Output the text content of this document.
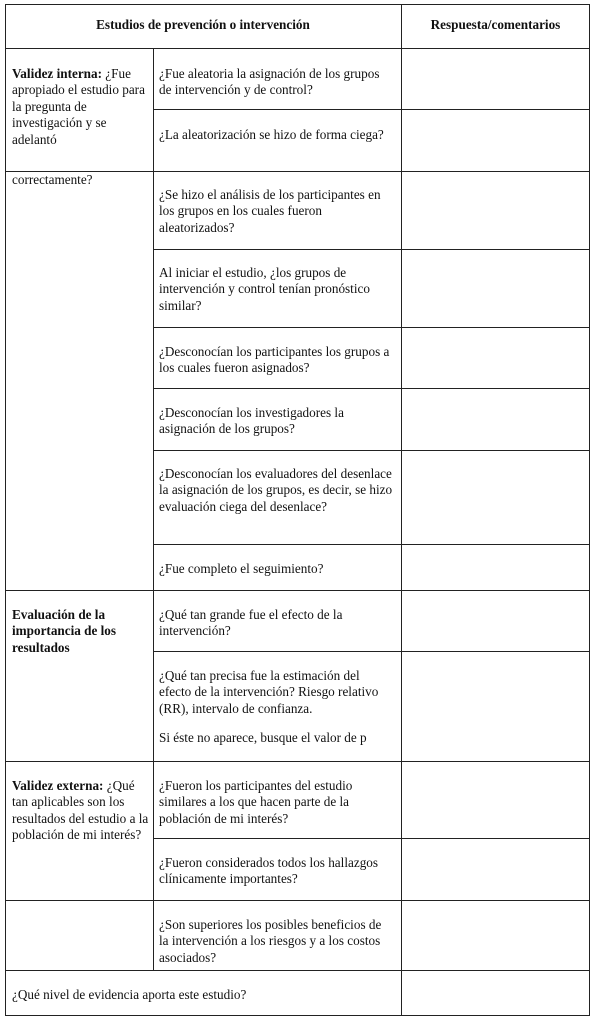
Estudios de prevención o intervención	Respuesta/comentarios
Validez interna: ¿Fue apropiado el estudio para la pregunta de investigación y se adelantó
correctamente?
¿Fue aleatoria la asignación de los grupos de intervención y de control?
¿La aleatorización se hizo de forma ciega?
¿Se hizo el análisis de los participantes en los grupos en los cuales fueron aleatorizados?
Al iniciar el estudio, ¿los grupos de intervención y control tenían pronóstico similar?
¿Desconocían los participantes los grupos a los cuales fueron asignados?
¿Desconocían los investigadores la asignación de los grupos?
¿Desconocían los evaluadores del desenlace la asignación de los grupos, es decir, se hizo evaluación ciega del desenlace?
¿Fue completo el seguimiento?
Evaluación de la importancia de los resultados
¿Qué tan grande fue el efecto de la intervención?
¿Qué tan precisa fue la estimación del efecto de la intervención? Riesgo relativo (RR), intervalo de confianza.
Si éste no aparece, busque el valor de p
Validez externa: ¿Qué tan aplicables son los resultados del estudio a la población de mi interés?
¿Fueron los participantes del estudio similares a los que hacen parte de la población de mi interés?
¿Fueron considerados todos los hallazgos clínicamente importantes?
¿Son superiores los posibles beneficios de la intervención a los riesgos y a los costos asociados?
¿Qué nivel de evidencia aporta este estudio?
